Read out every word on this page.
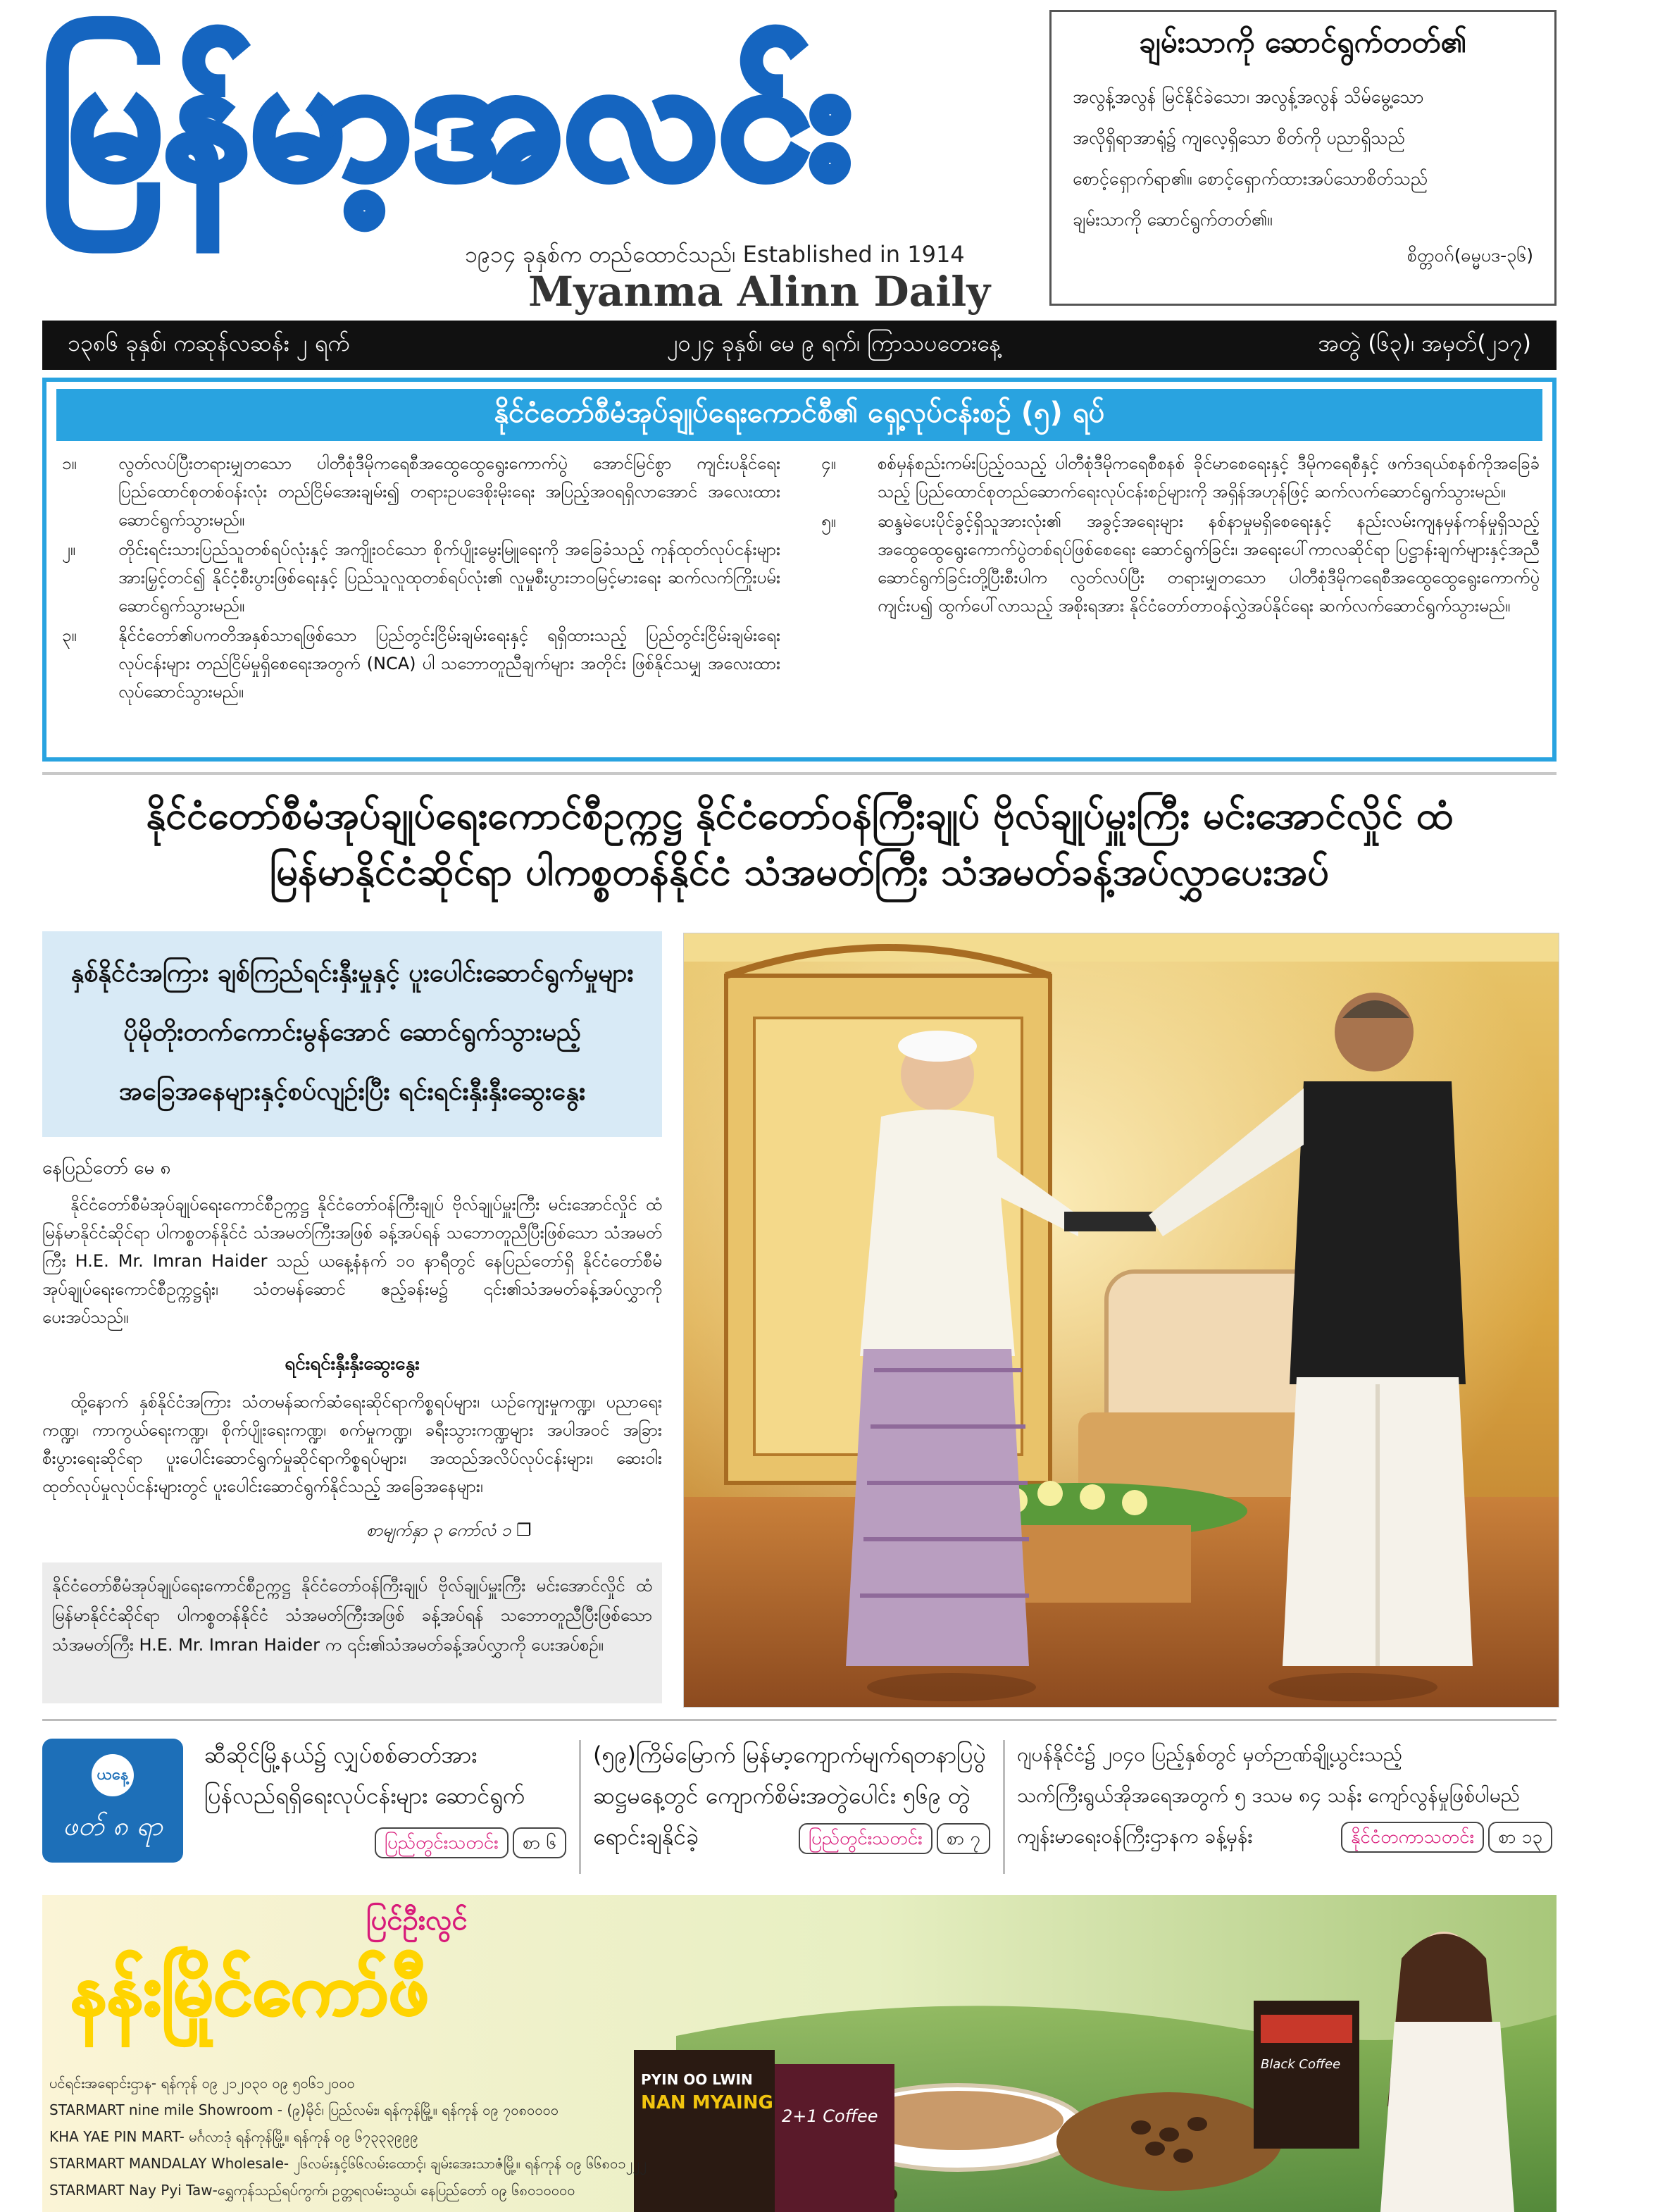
မြန်မာ့အလင်း
၁၉၁၄ ခုနှစ်က တည်ထောင်သည်၊ Established in 1914
Myanma Alinn Daily
ချမ်းသာကို ဆောင်ရွက်တတ်၏

အလွန့်အလွန် မြင်နိုင်ခဲသော၊ အလွန့်အလွန် သိမ်မွေ့သော

အလိုရှိရာအာရုံ၌ ကျလေ့ရှိသော စိတ်ကို ပညာရှိသည်

စောင့်ရှောက်ရာ၏။ စောင့်ရှောက်ထားအပ်သောစိတ်သည်

ချမ်းသာကို ဆောင်ရွက်တတ်၏။

စိတ္တဝဂ်(ဓမ္မပဒ-၃၆)
၁၃၈၆ ခုနှစ်၊ ကဆုန်လဆန်း ၂ ရက်	၂၀၂၄ ခုနှစ်၊ မေ ၉ ရက်၊ ကြာသပတေးနေ့	အတွဲ (၆၃)၊ အမှတ်(၂၁၇)
နိုင်ငံတော်စီမံအုပ်ချုပ်ရေးကောင်စီ၏ ရှေ့လုပ်ငန်းစဉ် (၅) ရပ်
၁။	လွတ်လပ်ပြီးတရားမျှတသော ပါတီစုံဒီမိုကရေစီအထွေထွေရွေးကောက်ပွဲ အောင်မြင်စွာ ကျင်းပနိုင်ရေး ပြည်ထောင်စုတစ်ဝန်းလုံး တည်ငြိမ်အေးချမ်း၍ တရားဥပဒေစိုးမိုးရေး အပြည့်အဝရရှိလာအောင် အလေးထားဆောင်ရွက်သွားမည်။
၂။	တိုင်းရင်းသားပြည်သူတစ်ရပ်လုံးနှင့် အကျိုးဝင်သော စိုက်ပျိုးမွေးမြူရေးကို အခြေခံသည့် ကုန်ထုတ်လုပ်ငန်းများအားမြှင့်တင်၍ နိုင်ငံ့စီးပွားဖြစ်ရေးနှင့် ပြည်သူလူထုတစ်ရပ်လုံး၏ လူမှုစီးပွားဘဝမြင့်မားရေး ဆက်လက်ကြိုးပမ်းဆောင်ရွက်သွားမည်။
၃။	နိုင်ငံတော်၏ပကတိအနှစ်သာရဖြစ်သော ပြည်တွင်းငြိမ်းချမ်းရေးနှင့် ရရှိထားသည့် ပြည်တွင်းငြိမ်းချမ်းရေးလုပ်ငန်းများ တည်ငြိမ်မှုရှိစေရေးအတွက် (NCA) ပါ သဘောတူညီချက်များ အတိုင်း ဖြစ်နိုင်သမျှ အလေးထားလုပ်ဆောင်သွားမည်။
၄။	စစ်မှန်စည်းကမ်းပြည့်ဝသည့် ပါတီစုံဒီမိုကရေစီစနစ် ခိုင်မာစေရေးနှင့် ဒီမိုကရေစီနှင့် ဖက်ဒရယ်စနစ်ကိုအခြေခံသည့် ပြည်ထောင်စုတည်ဆောက်ရေးလုပ်ငန်းစဉ်များကို အရှိန်အဟုန်ဖြင့် ဆက်လက်ဆောင်ရွက်သွားမည်။
၅။	ဆန္ဒမဲပေးပိုင်ခွင့်ရှိသူအားလုံး၏ အခွင့်အရေးများ နစ်နာမှုမရှိစေရေးနှင့် နည်းလမ်းကျနမှန်ကန်မှုရှိသည့် အထွေထွေရွေးကောက်ပွဲတစ်ရပ်ဖြစ်စေရေး ဆောင်ရွက်ခြင်း၊ အရေးပေါ်ကာလဆိုင်ရာ ပြဋ္ဌာန်းချက်များနှင့်အညီ ဆောင်ရွက်ခြင်းတို့ပြီးစီးပါက လွတ်လပ်ပြီး တရားမျှတသော ပါတီစုံဒီမိုကရေစီအထွေထွေရွေးကောက်ပွဲ ကျင်းပ၍ ထွက်ပေါ်လာသည့် အစိုးရအား နိုင်ငံတော်တာဝန်လွှဲအပ်နိုင်ရေး ဆက်လက်ဆောင်ရွက်သွားမည်။
နိုင်ငံတော်စီမံအုပ်ချုပ်ရေးကောင်စီဥက္ကဋ္ဌ နိုင်ငံတော်ဝန်ကြီးချုပ် ဗိုလ်ချုပ်မှူးကြီး မင်းအောင်လှိုင် ထံ
မြန်မာနိုင်ငံဆိုင်ရာ ပါကစ္စတန်နိုင်ငံ သံအမတ်ကြီး သံအမတ်ခန့်အပ်လွှာပေးအပ်
နှစ်နိုင်ငံအကြား ချစ်ကြည်ရင်းနှီးမှုနှင့် ပူးပေါင်းဆောင်ရွက်မှုများ
ပိုမိုတိုးတက်ကောင်းမွန်အောင် ဆောင်ရွက်သွားမည့်
အခြေအနေများနှင့်စပ်လျဉ်းပြီး ရင်းရင်းနှီးနှီးဆွေးနွေး
နေပြည်တော် မေ ၈
နိုင်ငံတော်စီမံအုပ်ချုပ်ရေးကောင်စီဥက္ကဋ္ဌ နိုင်ငံတော်ဝန်ကြီးချုပ် ဗိုလ်ချုပ်မှူးကြီး မင်းအောင်လှိုင် ထံ မြန်မာနိုင်ငံဆိုင်ရာ ပါကစ္စတန်နိုင်ငံ သံအမတ်ကြီးအဖြစ် ခန့်အပ်ရန် သဘောတူညီပြီးဖြစ်သော သံအမတ်ကြီး H.E. Mr. Imran Haider သည် ယနေ့နံနက် ၁၀ နာရီတွင် နေပြည်တော်ရှိ နိုင်ငံတော်စီမံအုပ်ချုပ်ရေးကောင်စီဥက္ကဋ္ဌရုံး၊ သံတမန်ဆောင် ဧည့်ခန်းမ၌ ၎င်း၏သံအမတ်ခန့်အပ်လွှာကို ပေးအပ်သည်။
ရင်းရင်းနှီးနှီးဆွေးနွေး
ထို့နောက် နှစ်နိုင်ငံအကြား သံတမန်ဆက်ဆံရေးဆိုင်ရာကိစ္စရပ်များ၊ ယဉ်ကျေးမှုကဏ္ဍ၊ ပညာရေးကဏ္ဍ၊ ကာကွယ်ရေးကဏ္ဍ၊ စိုက်ပျိုးရေးကဏ္ဍ၊ စက်မှုကဏ္ဍ၊ ခရီးသွားကဏ္ဍများ အပါအဝင် အခြားစီးပွားရေးဆိုင်ရာ ပူးပေါင်းဆောင်ရွက်မှုဆိုင်ရာကိစ္စရပ်များ၊ အထည်အလိပ်လုပ်ငန်းများ၊ ဆေးဝါးထုတ်လုပ်မှုလုပ်ငန်းများတွင် ပူးပေါင်းဆောင်ရွက်နိုင်သည့် အခြေအနေများ၊
စာမျက်နှာ ၃ ကော်လံ ၁ ❐
နိုင်ငံတော်စီမံအုပ်ချုပ်ရေးကောင်စီဥက္ကဋ္ဌ နိုင်ငံတော်ဝန်ကြီးချုပ် ဗိုလ်ချုပ်မှူးကြီး မင်းအောင်လှိုင် ထံ မြန်မာနိုင်ငံဆိုင်ရာ ပါကစ္စတန်နိုင်ငံ သံအမတ်ကြီးအဖြစ် ခန့်အပ်ရန် သဘောတူညီပြီးဖြစ်သော သံအမတ်ကြီး H.E. Mr. Imran Haider က ၎င်း၏သံအမတ်ခန့်အပ်လွှာကို ပေးအပ်စဉ်။
ယနေ့
ဖတ် ၈ ရာ
ဆီဆိုင်မြို့နယ်၌ လျှပ်စစ်ဓာတ်အား
ပြန်လည်ရရှိရေးလုပ်ငန်းများ ဆောင်ရွက်
ပြည်တွင်းသတင်း စာ ၆
(၅၉)ကြိမ်မြောက် မြန်မာ့ကျောက်မျက်ရတနာပြပွဲ
ဆဋ္ဌမနေ့တွင် ကျောက်စိမ်းအတွဲပေါင်း ၅၆၉ တွဲ
ရောင်းချနိုင်ခဲ့	ပြည်တွင်းသတင်း စာ ၇
ဂျပန်နိုင်ငံ၌ ၂၀၄၀ ပြည့်နှစ်တွင် မှတ်ဉာဏ်ချို့ယွင်းသည့်
သက်ကြီးရွယ်အိုအရေအတွက် ၅ ဒသမ ၈၄ သန်း ကျော်လွန်မှုဖြစ်ပါမည်
ကျန်းမာရေးဝန်ကြီးဌာနက ခန့်မှန်း	နိုင်ငံတကာသတင်း စာ ၁၃
ပြင်ဦးလွင်
နန်းမြိုင်ကော်ဖီ
PYIN OO LWIN
NAN MYAING
2+1 Coffee
Black Coffee
ပင်ရင်းအရောင်းဌာန- ရန်ကုန် ၀၉ ၂၁၂၀၃၀ ၀၉ ၅၀၆၁၂၀၀၀
STARMART nine mile Showroom - (၉)မိုင်၊ ပြည်လမ်း၊ ရန်ကုန်မြို့။ ရန်ကုန် ၀၉ ၇၀၈၀၀၀၀
KHA YAE PIN MART- မင်္ဂလာဒုံ ရန်ကုန်မြို့။ ရန်ကုန် ၀၉ ၆၇၃၃၃၉၉၉
STARMART MANDALAY Wholesale- ၂၆လမ်းနှင့်၆၆လမ်းထောင့်၊ ချမ်းအေးသာဇံမြို့။ ရန်ကုန် ၀၉ ၆၆၈၀၁၂၂၂
STARMART Nay Pyi Taw-ရွှေကုန်သည်ရပ်ကွက်၊ ဥတ္တရလမ်းသွယ်၊ နေပြည်တော် ၀၉ ၆၈၀၁၀၀၀၀
